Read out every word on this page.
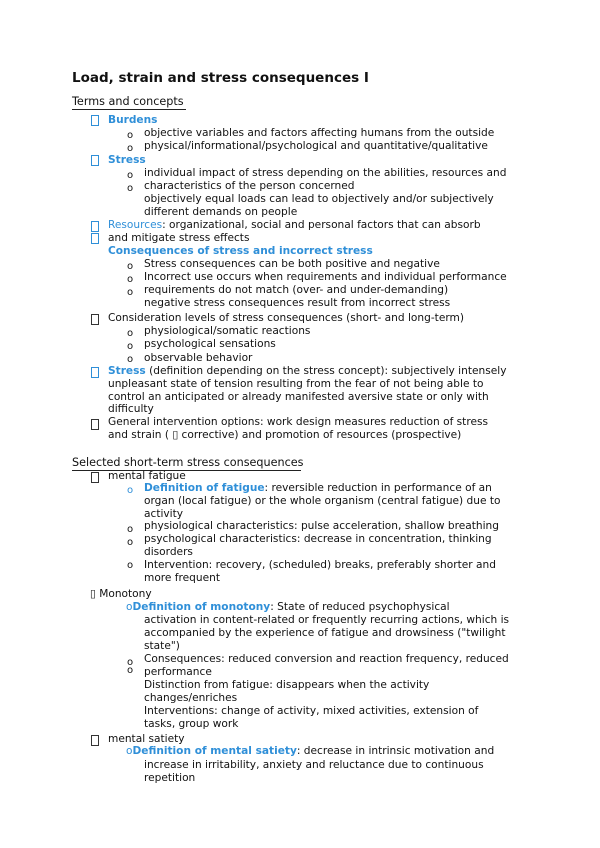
Load, strain and stress consequences I
Terms and concepts
Burdens
o objective variables and factors affecting humans from the outside
o physical/informational/psychological and quantitative/qualitative
Stress
o individual impact of stress depending on the abilities, resources and
o characteristics of the person concerned
objectively equal loads can lead to objectively and/or subjectively
different demands on people
Resources: organizational, social and personal factors that can absorb
and mitigate stress effects
Consequences of stress and incorrect stress
o Stress consequences can be both positive and negative
o Incorrect use occurs when requirements and individual performance
o requirements do not match (over- and under-demanding)
negative stress consequences result from incorrect stress
Consideration levels of stress consequences (short- and long-term)
o physiological/somatic reactions
o psychological sensations
o observable behavior
Stress (definition depending on the stress concept): subjectively intensely
unpleasant state of tension resulting from the fear of not being able to
control an anticipated or already manifested aversive state or only with
difficulty
General intervention options: work design measures reduction of stress
and strain ( ▯ corrective) and promotion of resources (prospective)
Selected short-term stress consequences
mental fatigue
o Definition of fatigue: reversible reduction in performance of an
organ (local fatigue) or the whole organism (central fatigue) due to
activity
o physiological characteristics: pulse acceleration, shallow breathing
o psychological characteristics: decrease in concentration, thinking
disorders
o Intervention: recovery, (scheduled) breaks, preferably shorter and
more frequent
▯ Monotony
oDefinition of monotony: State of reduced psychophysical
activation in content-related or frequently recurring actions, which is
accompanied by the experience of fatigue and drowsiness ("twilight
state")
o
o
Consequences: reduced conversion and reaction frequency, reduced
performance
Distinction from fatigue: disappears when the activity
changes/enriches
Interventions: change of activity, mixed activities, extension of
tasks, group work
mental satiety
oDefinition of mental satiety: decrease in intrinsic motivation and
increase in irritability, anxiety and reluctance due to continuous
repetition
